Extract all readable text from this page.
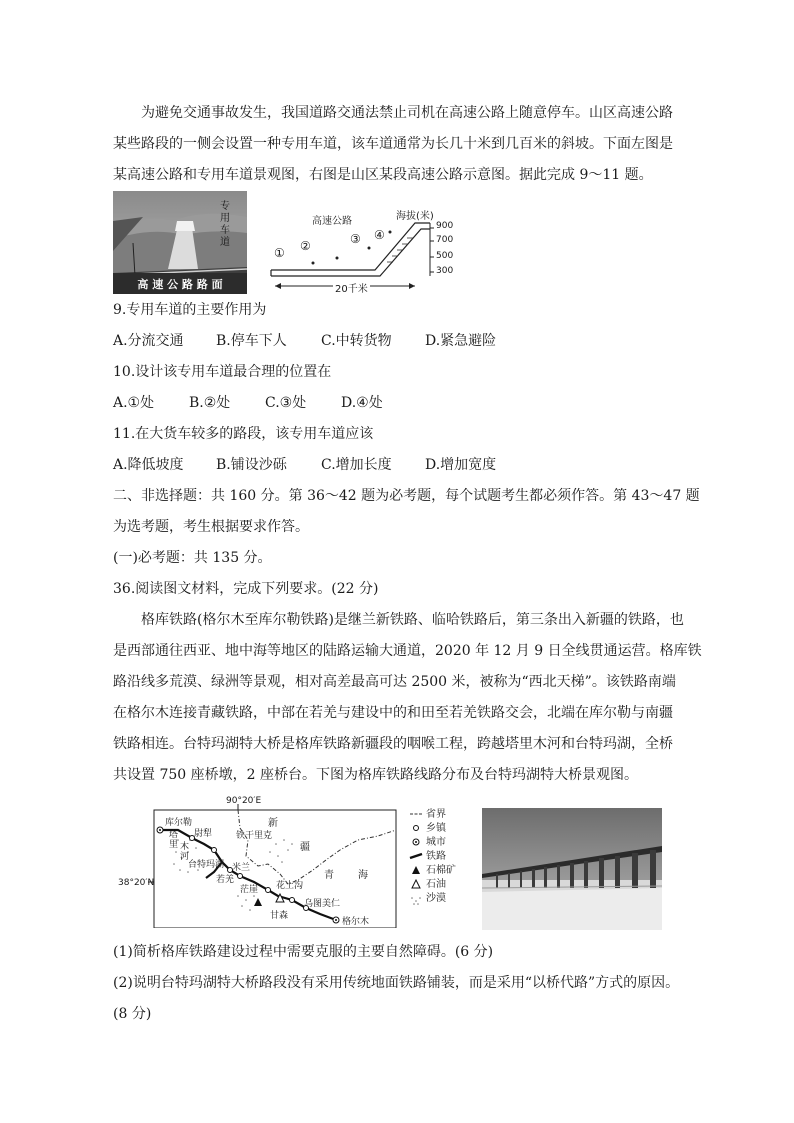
为避免交通事故发生，我国道路交通法禁止司机在高速公路上随意停车。山区高速公路
某些路段的一侧会设置一种专用车道，该车道通常为长几十米到几百米的斜坡。下面左图是
某高速公路和专用车道景观图，右图是山区某段高速公路示意图。据此完成 9～11 题。
专
用
车
道
高 速 公 路 路 面
高速公路	海拔(米)
900
700
500
300
① ②	③ ④
20千米
9.专用车道的主要作用为
A.分流交通 B.停车下人 C.中转货物 D.紧急避险
10.设计该专用车道最合理的位置在
A.①处 B.②处 C.③处 D.④处
11.在大货车较多的路段，该专用车道应该
A.降低坡度 B.铺设沙砾 C.增加长度 D.增加宽度
二、非选择题：共 160 分。第 36～42 题为必考题，每个试题考生都必须作答。第 43～47 题
为选考题，考生根据要求作答。
(一)必考题：共 135 分。
36.阅读图文材料，完成下列要求。(22 分)
格库铁路(格尔木至库尔勒铁路)是继兰新铁路、临哈铁路后，第三条出入新疆的铁路，也
是西部通往西亚、地中海等地区的陆路运输大通道，2020 年 12 月 9 日全线贯通运营。格库铁
路沿线多荒漠、绿洲等景观，相对高差最高可达 2500 米，被称为“西北天梯”。该铁路南端
在格尔木连接青藏铁路，中部在若羌与建设中的和田至若羌铁路交会，北端在库尔勒与南疆
铁路相连。台特玛湖特大桥是格库铁路新疆段的咽喉工程，跨越塔里木河和台特玛湖，全桥
共设置 750 座桥墩，2 座桥台。下图为格库铁路线路分布及台特玛湖特大桥景观图。
90°20′E
38°20′N
库尔勒
尉犁	铁干里克
米兰
台特玛湖
若羌
茫崖 花土沟
甘森
乌图美仁
格尔木
新
疆
青 海
塔
里 木
河
省界
乡镇
城市
铁路
石棉矿
石油
沙漠
(1)简析格库铁路建设过程中需要克服的主要自然障碍。(6 分)
(2)说明台特玛湖特大桥路段没有采用传统地面铁路铺装，而是采用“以桥代路”方式的原因。
(8 分)
